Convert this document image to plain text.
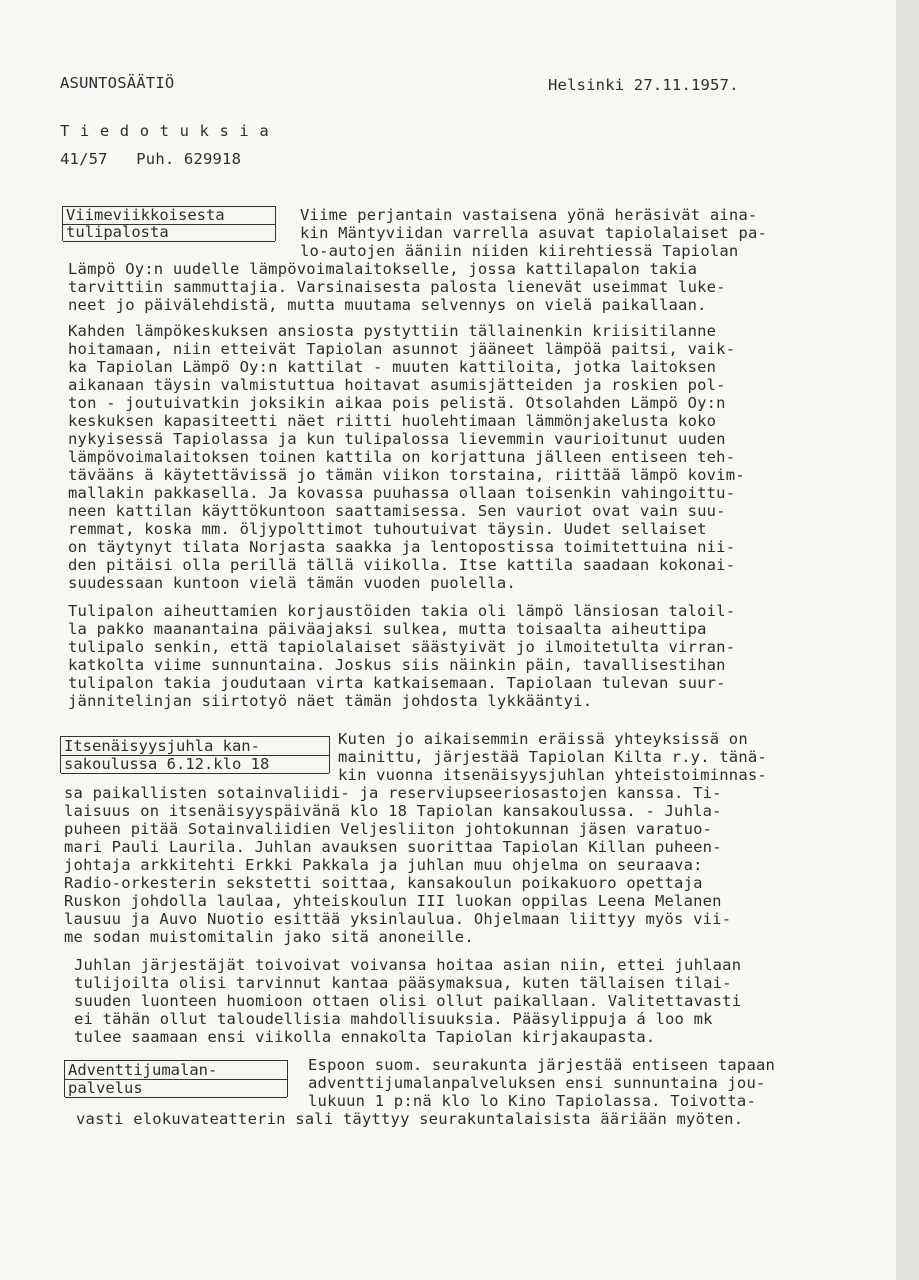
ASUNTOSÄÄTIÖ	Helsinki 27.11.1957.
Tiedotuksia
41/57   Puh. 629918
Viimeviikkoisesta
tulipalosta
Viime perjantain vastaisena yönä heräsivät aina-
kin Mäntyviidan varrella asuvat tapiolalaiset pa-
lo-autojen ääniin niiden kiirehtiessä Tapiolan
Lämpö Oy:n uudelle lämpövoimalaitokselle, jossa kattilapalon takia
tarvittiin sammuttajia. Varsinaisesta palosta lienevät useimmat luke-
neet jo päivälehdistä, mutta muutama selvennys on vielä paikallaan.
Kahden lämpökeskuksen ansiosta pystyttiin tällainenkin kriisitilanne
hoitamaan, niin etteivät Tapiolan asunnot jääneet lämpöä paitsi, vaik-
ka Tapiolan Lämpö Oy:n kattilat - muuten kattiloita, jotka laitoksen
aikanaan täysin valmistuttua hoitavat asumisjätteiden ja roskien pol-
ton - joutuivatkin joksikin aikaa pois pelistä. Otsolahden Lämpö Oy:n
keskuksen kapasiteetti näet riitti huolehtimaan lämmönjakelusta koko
nykyisessä Tapiolassa ja kun tulipalossa lievemmin vaurioitunut uuden
lämpövoimalaitoksen toinen kattila on korjattuna jälleen entiseen teh-
tävääns ä käytettävissä jo tämän viikon torstaina, riittää lämpö kovim-
mallakin pakkasella. Ja kovassa puuhassa ollaan toisenkin vahingoittu-
neen kattilan käyttökuntoon saattamisessa. Sen vauriot ovat vain suu-
remmat, koska mm. öljypolttimot tuhoutuivat täysin. Uudet sellaiset
on täytynyt tilata Norjasta saakka ja lentopostissa toimitettuina nii-
den pitäisi olla perillä tällä viikolla. Itse kattila saadaan kokonai-
suudessaan kuntoon vielä tämän vuoden puolella.
Tulipalon aiheuttamien korjaustöiden takia oli lämpö länsiosan taloil-
la pakko maanantaina päiväajaksi sulkea, mutta toisaalta aiheuttipa
tulipalo senkin, että tapiolalaiset säästyivät jo ilmoitetulta virran-
katkolta viime sunnuntaina. Joskus siis näinkin päin, tavallisestihan
tulipalon takia joudutaan virta katkaisemaan. Tapiolaan tulevan suur-
jännitelinjan siirtotyö näet tämän johdosta lykkääntyi.
Itsenäisyysjuhla kan-
sakoulussa 6.12.klo 18
Kuten jo aikaisemmin eräissä yhteyksissä on
mainittu, järjestää Tapiolan Kilta r.y. tänä-
kin vuonna itsenäisyysjuhlan yhteistoiminnas-
sa paikallisten sotainvaliidi- ja reserviupseeriosastojen kanssa. Ti-
laisuus on itsenäisyyspäivänä klo 18 Tapiolan kansakoulussa. - Juhla-
puheen pitää Sotainvaliidien Veljesliiton johtokunnan jäsen varatuo-
mari Pauli Laurila. Juhlan avauksen suorittaa Tapiolan Killan puheen-
johtaja arkkitehti Erkki Pakkala ja juhlan muu ohjelma on seuraava:
Radio-orkesterin sekstetti soittaa, kansakoulun poikakuoro opettaja
Ruskon johdolla laulaa, yhteiskoulun III luokan oppilas Leena Melanen
lausuu ja Auvo Nuotio esittää yksinlaulua. Ohjelmaan liittyy myös vii-
me sodan muistomitalin jako sitä anoneille.
Juhlan järjestäjät toivoivat voivansa hoitaa asian niin, ettei juhlaan
tulijoilta olisi tarvinnut kantaa pääsymaksua, kuten tällaisen tilai-
suuden luonteen huomioon ottaen olisi ollut paikallaan. Valitettavasti
ei tähän ollut taloudellisia mahdollisuuksia. Pääsylippuja á loo mk
tulee saamaan ensi viikolla ennakolta Tapiolan kirjakaupasta.
Adventtijumalan-
palvelus
Espoon suom. seurakunta järjestää entiseen tapaan
adventtijumalanpalveluksen ensi sunnuntaina jou-
lukuun 1 p:nä klo lo Kino Tapiolassa. Toivotta-
vasti elokuvateatterin sali täyttyy seurakuntalaisista ääriään myöten.
